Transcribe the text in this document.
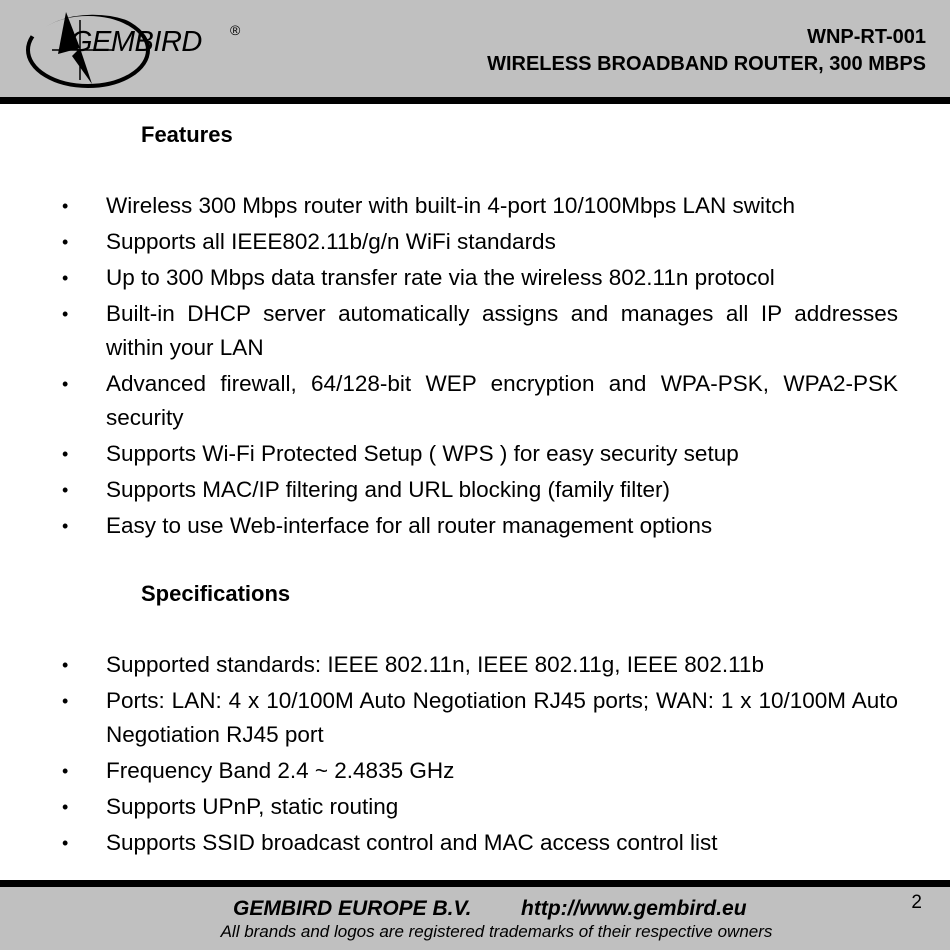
GEMBIRD ®	WNP-RT-001
WIRELESS BROADBAND ROUTER, 300 MBPS
Features
• Wireless 300 Mbps router with built-in 4-port 10/100Mbps LAN switch
• Supports all IEEE802.11b/g/n WiFi standards
• Up to 300 Mbps data transfer rate via the wireless 802.11n protocol
• Built-in DHCP server automatically assigns and manages all IP addresses within your LAN
• Advanced firewall, 64/128-bit WEP encryption and WPA-PSK, WPA2-PSK security
• Supports Wi-Fi Protected Setup ( WPS ) for easy security setup
• Supports MAC/IP filtering and URL blocking (family filter)
• Easy to use Web-interface for all router management options
Specifications
• Supported standards: IEEE 802.11n, IEEE 802.11g, IEEE 802.11b
• Ports: LAN: 4 x 10/100M Auto Negotiation RJ45 ports; WAN: 1 x 10/100M Auto Negotiation RJ45 port
• Frequency Band 2.4 ~ 2.4835 GHz
• Supports UPnP, static routing
• Supports SSID broadcast control and MAC access control list
GEMBIRD EUROPE B.V. http://www.gembird.eu
All brands and logos are registered trademarks of their respective owners
2
